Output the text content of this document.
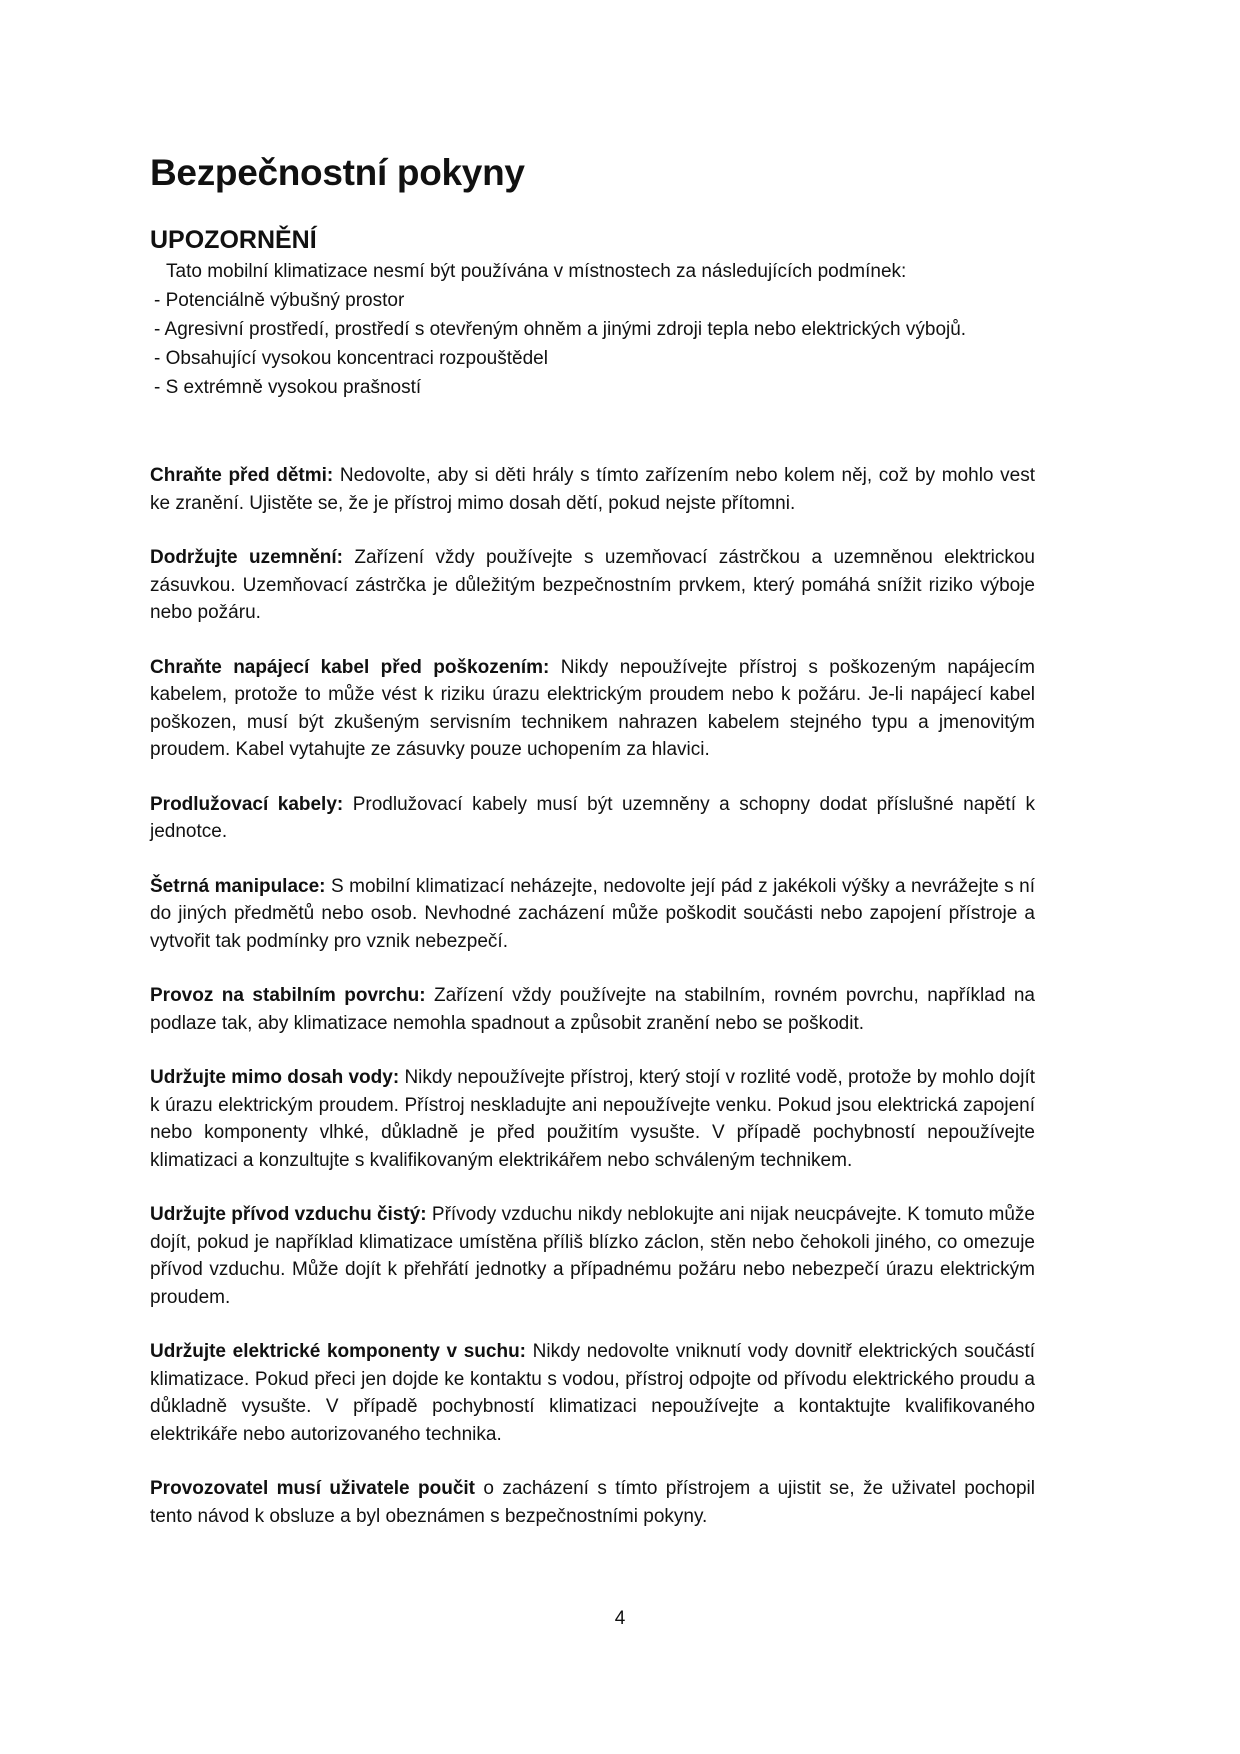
Bezpečnostní pokyny
UPOZORNĚNÍ

Tato mobilní klimatizace nesmí být používána v místnostech za následujících podmínek:

- Potenciálně výbušný prostor
- Agresivní prostředí, prostředí s otevřeným ohněm a jinými zdroji tepla nebo elektrických výbojů.
- Obsahující vysokou koncentraci rozpouštědel
- S extrémně vysokou prašností

Chraňte před dětmi: Nedovolte, aby si děti hrály s tímto zařízením nebo kolem něj, což by mohlo vest ke zranění. Ujistěte se, že je přístroj mimo dosah dětí, pokud nejste přítomni.

Dodržujte uzemnění: Zařízení vždy používejte s uzemňovací zástrčkou a uzemněnou elektrickou zásuvkou. Uzemňovací zástrčka je důležitým bezpečnostním prvkem, který pomáhá snížit riziko výboje nebo požáru.

Chraňte napájecí kabel před poškozením: Nikdy nepoužívejte přístroj s poškozeným napájecím kabelem, protože to může vést k riziku úrazu elektrickým proudem nebo k požáru. Je-li napájecí kabel poškozen, musí být zkušeným servisním technikem nahrazen kabelem stejného typu a jmenovitým proudem. Kabel vytahujte ze zásuvky pouze uchopením za hlavici.

Prodlužovací kabely: Prodlužovací kabely musí být uzemněny a schopny dodat příslušné napětí k jednotce.

Šetrná manipulace: S mobilní klimatizací neházejte, nedovolte její pád z jakékoli výšky a nevrážejte s ní do jiných předmětů nebo osob. Nevhodné zacházení může poškodit součásti nebo zapojení přístroje a vytvořit tak podmínky pro vznik nebezpečí.

Provoz na stabilním povrchu: Zařízení vždy používejte na stabilním, rovném povrchu, například na podlaze tak, aby klimatizace nemohla spadnout a způsobit zranění nebo se poškodit.

Udržujte mimo dosah vody: Nikdy nepoužívejte přístroj, který stojí v rozlité vodě, protože by mohlo dojít k úrazu elektrickým proudem. Přístroj neskladujte ani nepoužívejte venku. Pokud jsou elektrická zapojení nebo komponenty vlhké, důkladně je před použitím vysušte. V případě pochybností nepoužívejte klimatizaci a konzultujte s kvalifikovaným elektrikářem nebo schváleným technikem.

Udržujte přívod vzduchu čistý: Přívody vzduchu nikdy neblokujte ani nijak neucpávejte. K tomuto může dojít, pokud je například klimatizace umístěna příliš blízko záclon, stěn nebo čehokoli jiného, co omezuje přívod vzduchu. Může dojít k přehřátí jednotky a případnému požáru nebo nebezpečí úrazu elektrickým proudem.

Udržujte elektrické komponenty v suchu: Nikdy nedovolte vniknutí vody dovnitř elektrických součástí klimatizace. Pokud přeci jen dojde ke kontaktu s vodou, přístroj odpojte od přívodu elektrického proudu a důkladně vysušte. V případě pochybností klimatizaci nepoužívejte a kontaktujte kvalifikovaného elektrikáře nebo autorizovaného technika.

Provozovatel musí uživatele poučit o zacházení s tímto přístrojem a ujistit se, že uživatel pochopil tento návod k obsluze a byl obeznámen s bezpečnostními pokyny.

4
